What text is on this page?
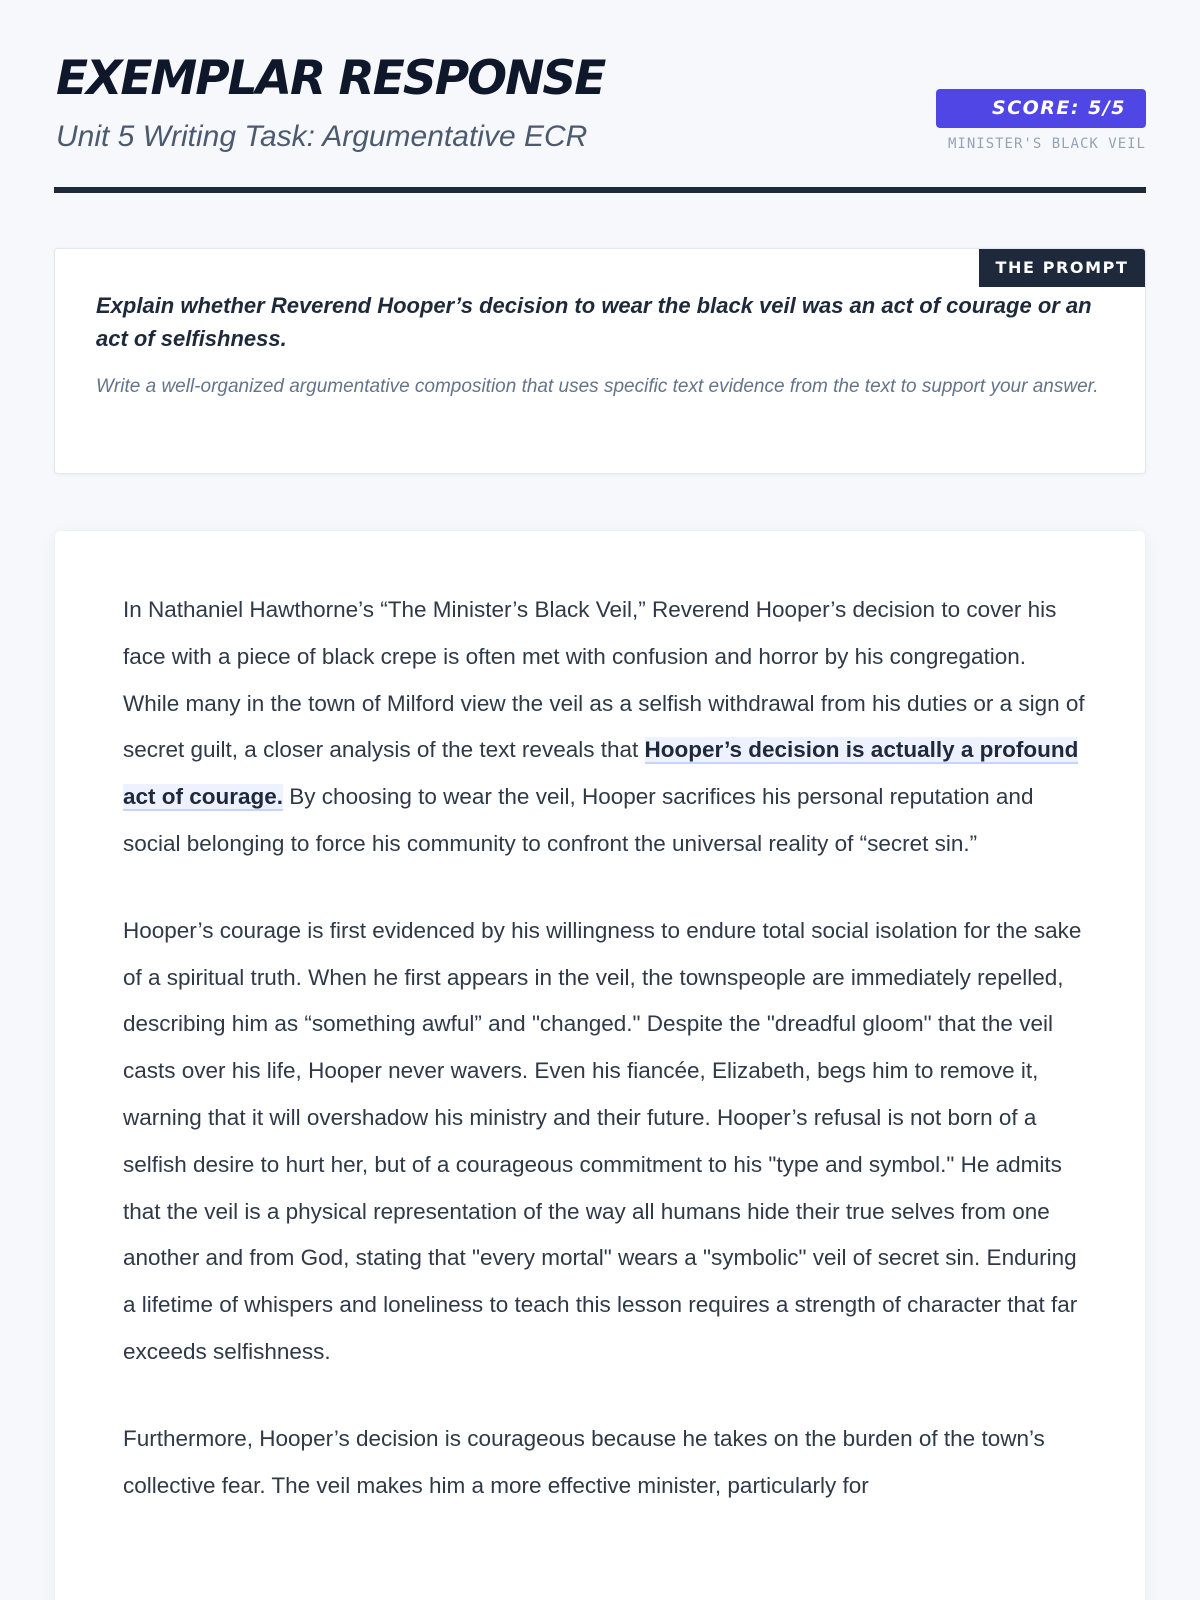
EXEMPLAR RESPONSE
Unit 5 Writing Task: Argumentative ECR
SCORE: 5/5
MINISTER'S BLACK VEIL
THE PROMPT

Explain whether Reverend Hooper’s decision to wear the black veil was an act of courage or an act of selfishness.

Write a well-organized argumentative composition that uses specific text evidence from the text to support your answer.

In Nathaniel Hawthorne’s “The Minister’s Black Veil,” Reverend Hooper’s decision to cover his face with a piece of black crepe is often met with confusion and horror by his congregation. While many in the town of Milford view the veil as a selfish withdrawal from his duties or a sign of secret guilt, a closer analysis of the text reveals that Hooper’s decision is actually a profound act of courage. By choosing to wear the veil, Hooper sacrifices his personal reputation and social belonging to force his community to confront the universal reality of “secret sin.”

Hooper’s courage is first evidenced by his willingness to endure total social isolation for the sake of a spiritual truth. When he first appears in the veil, the townspeople are immediately repelled, describing him as “something awful” and "changed." Despite the "dreadful gloom" that the veil casts over his life, Hooper never wavers. Even his fiancée, Elizabeth, begs him to remove it, warning that it will overshadow his ministry and their future. Hooper’s refusal is not born of a selfish desire to hurt her, but of a courageous commitment to his "type and symbol." He admits that the veil is a physical representation of the way all humans hide their true selves from one another and from God, stating that "every mortal" wears a "symbolic" veil of secret sin. Enduring a lifetime of whispers and loneliness to teach this lesson requires a strength of character that far exceeds selfishness.

Furthermore, Hooper’s decision is courageous because he takes on the burden of the town’s collective fear. The veil makes him a more effective minister, particularly for
